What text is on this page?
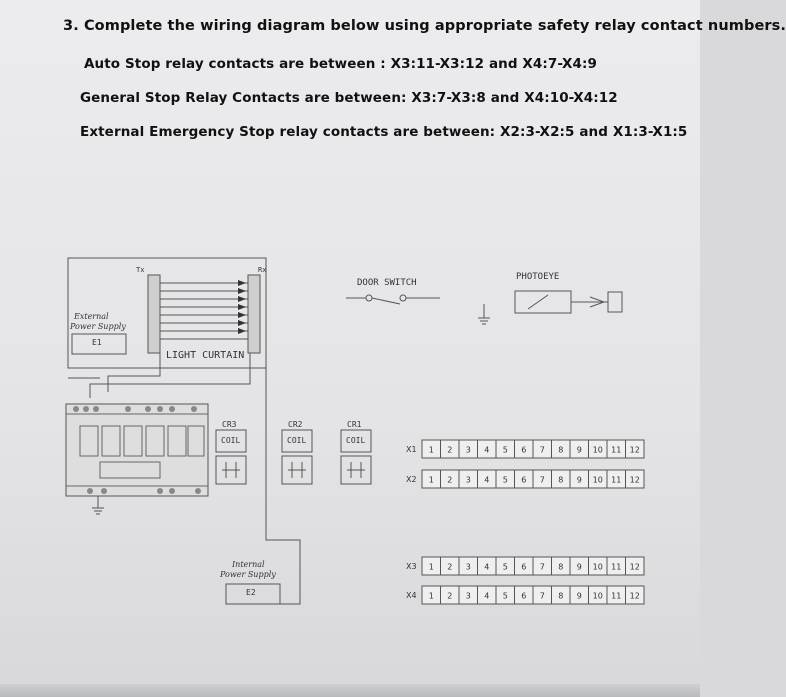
3. Complete the wiring diagram below using appropriate safety relay contact numbers.
Auto Stop relay contacts are between : X3:11-X3:12 and X4:7-X4:9
General Stop Relay Contacts are between: X3:7-X3:8 and X4:10-X4:12
External Emergency Stop relay contacts are between: X2:3-X2:5 and X1:3-X1:5
X1 1 2 3 4 5 6 7 8 9 10 11 12
X2 1 2 3 4 5 6 7 8 9 10 11 12
X3 1 2 3 4 5 6 7 8 9 10 11 12
X4 1 2 3 4 5 6 7 8 9 10 11 12
Tx	Rx
External
Power Supply
E1
LIGHT CURTAIN
DOOR SWITCH
PHOTOEYE
CR3
COIL
CR2
COIL
CR1
COIL
Internal
Power Supply
E2
